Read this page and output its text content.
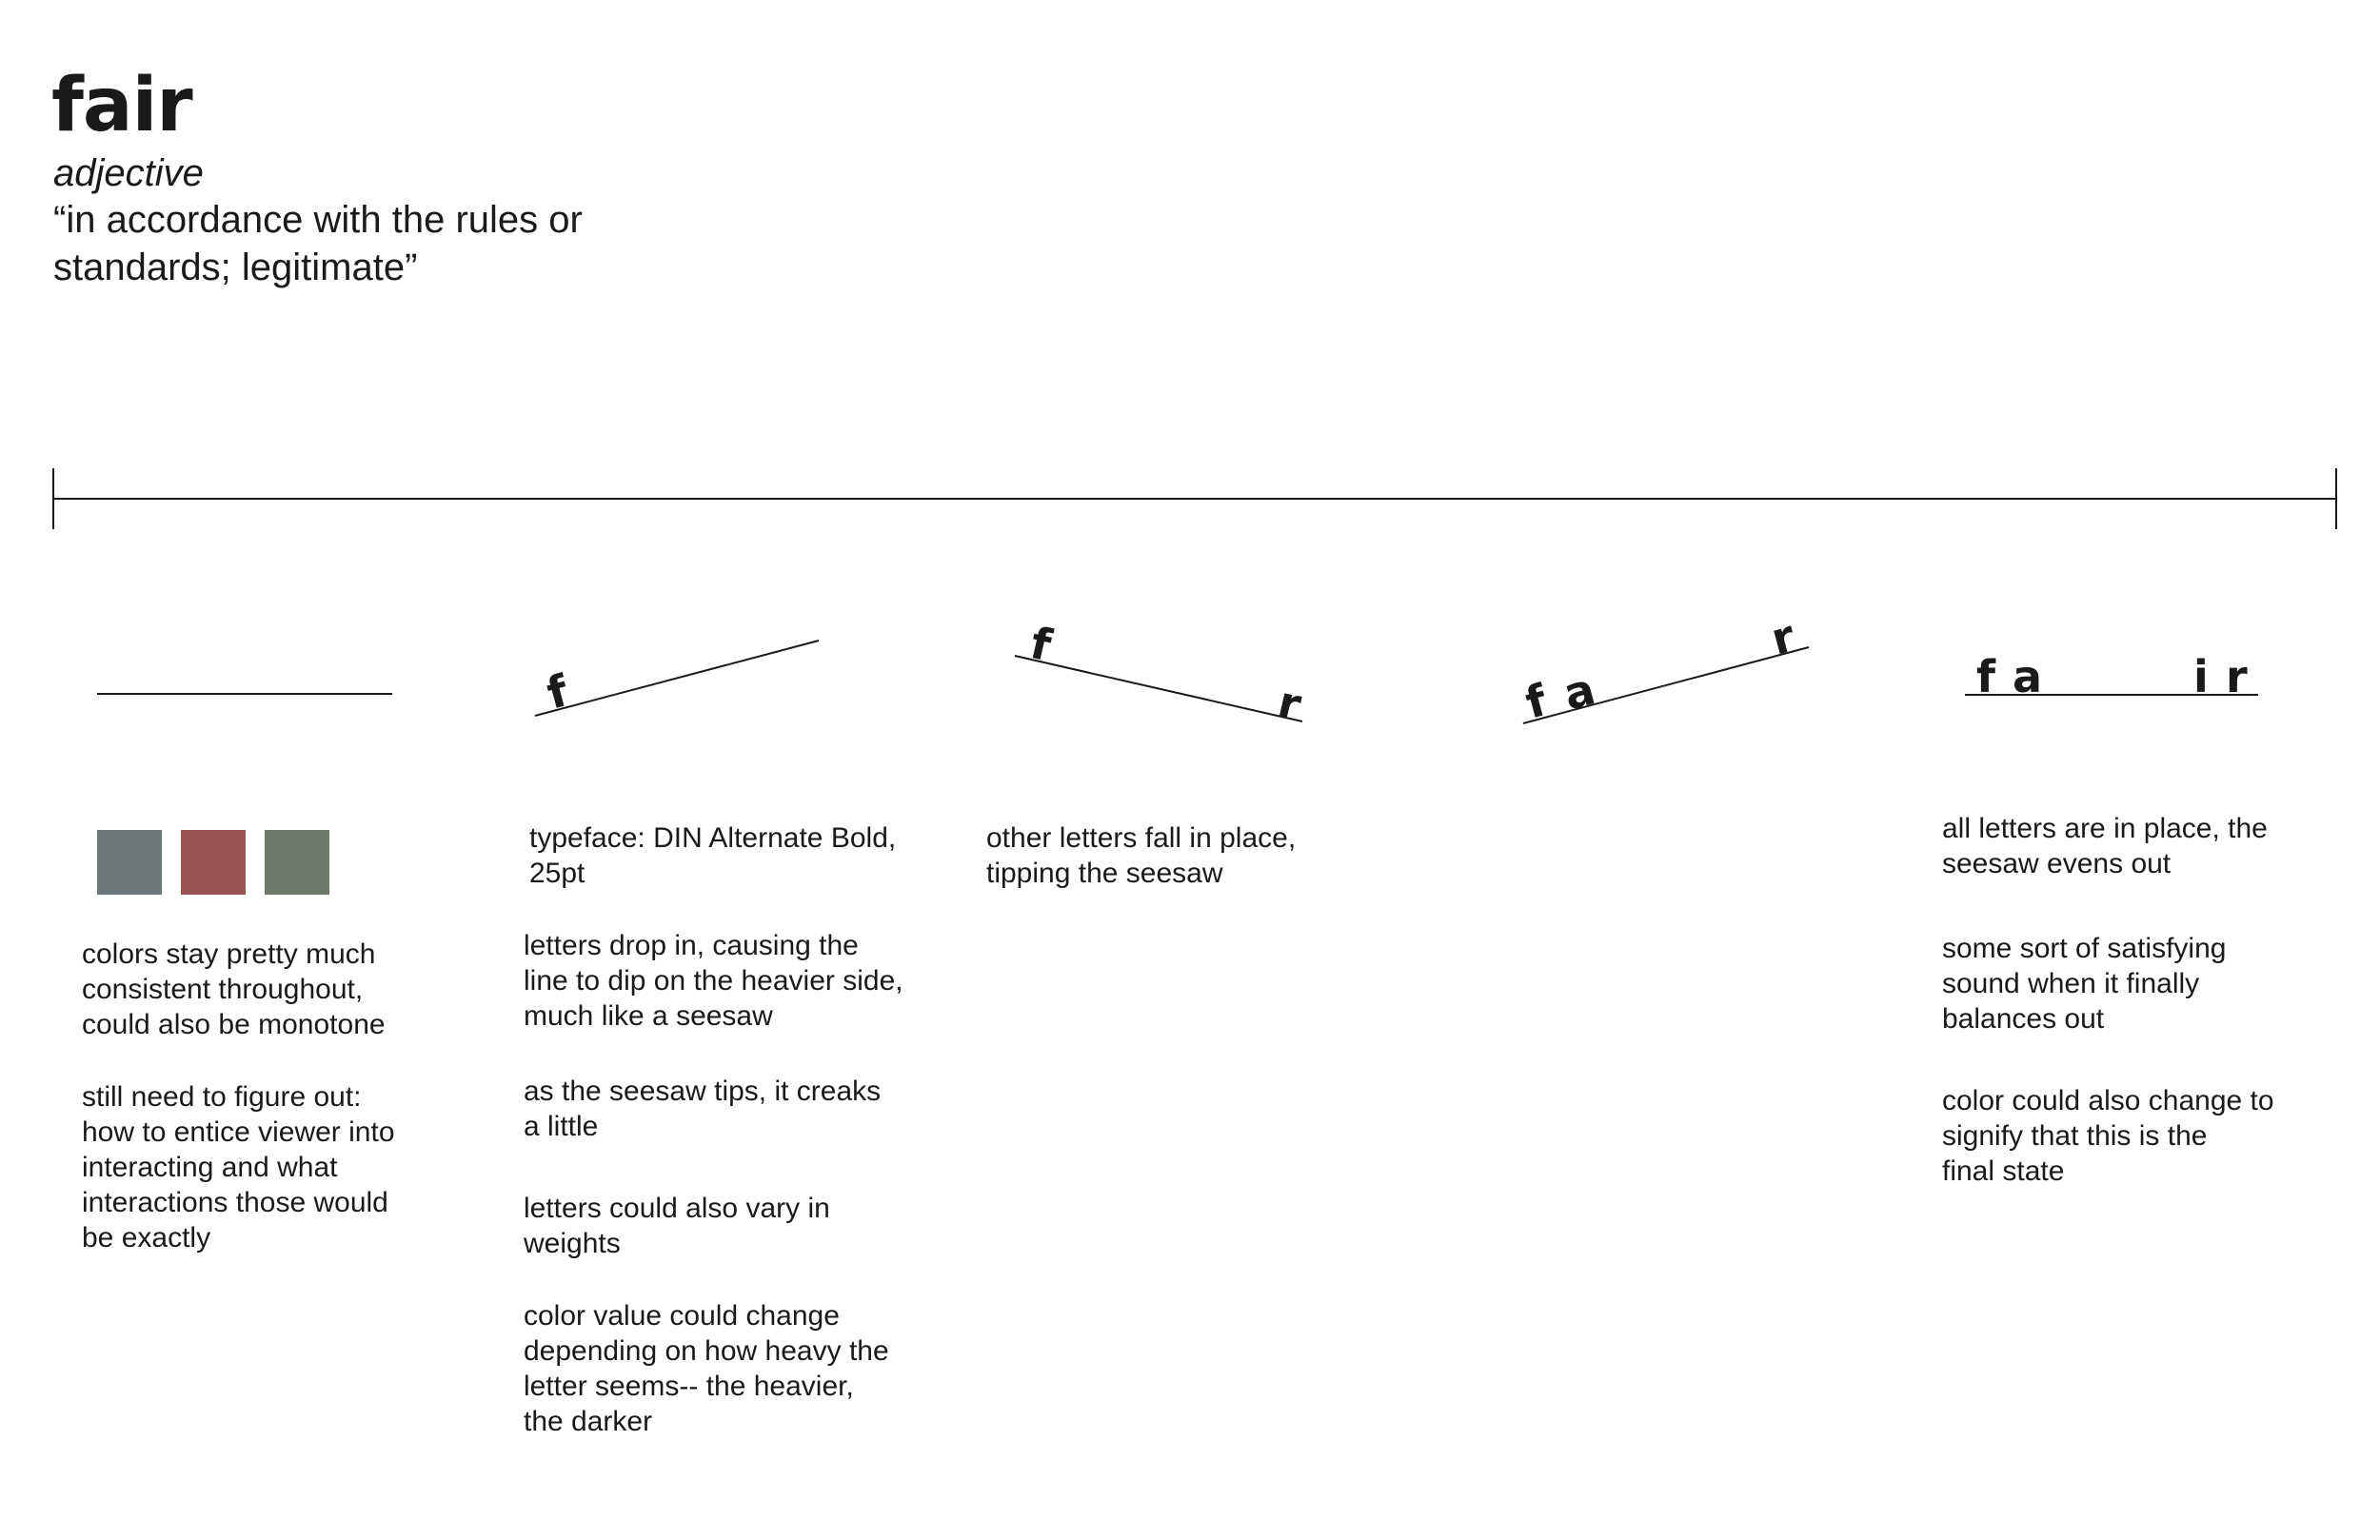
fair
adjective
“in accordance with the rules or standards; legitimate”
f
f
r	f a
r
f a	i r

colors stay pretty much
consistent throughout,
could also be monotone

still need to figure out:
how to entice viewer into
interacting and what
interactions those would
be exactly

typeface: DIN Alternate Bold,
25pt

letters drop in, causing the
line to dip on the heavier side,
much like a seesaw

as the seesaw tips, it creaks
a little

letters could also vary in
weights

color value could change
depending on how heavy the
letter seems-- the heavier,
the darker

other letters fall in place,
tipping the seesaw

all letters are in place, the
seesaw evens out

some sort of satisfying
sound when it finally
balances out

color could also change to
signify that this is the
final state
